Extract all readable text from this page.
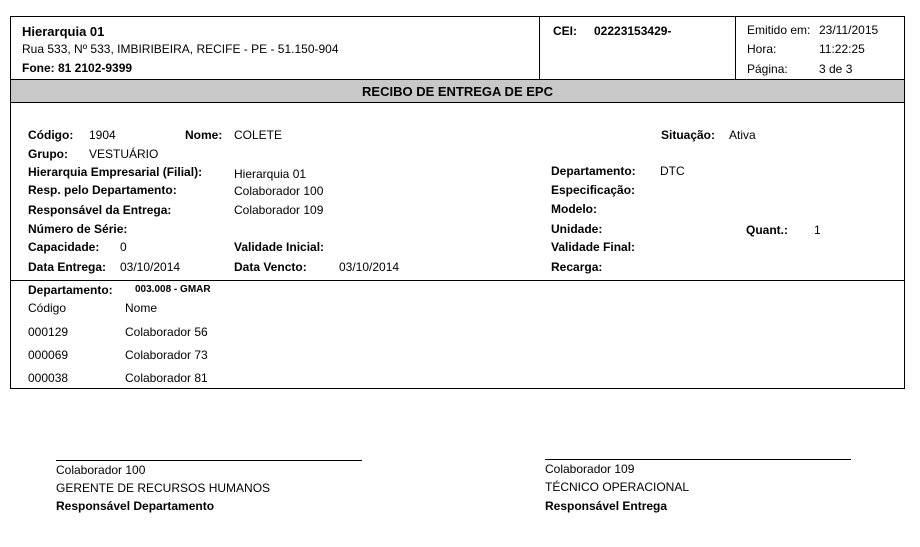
Hierarquia 01
Rua 533, Nº 533, IMBIRIBEIRA, RECIFE - PE - 51.150-904
Fone: 81 2102-9399
CEI: 02223153429-	Emitido em: 23/11/2015
Hora:	11:22:25
Página:	3 de 3
RECIBO DE ENTREGA DE EPC
Código: 1904	Nome: COLETE	Situação: Ativa
Grupo: VESTUÁRIO
Hierarquia Empresarial (Filial):	Hierarquia 01	Departamento: DTC
Resp. pelo Departamento:	Colaborador 100	Especificação:
Responsável da Entrega:	Colaborador 109	Modelo:
Número de Série:	Unidade:	Quant.: 1
Capacidade: 0	Validade Inicial:	Validade Final:
Data Entrega: 03/10/2014	Data Vencto:	03/10/2014	Recarga:
Departamento: 003.008 - GMAR
Código	Nome
000129	Colaborador 56
000069	Colaborador 73
000038	Colaborador 81
Colaborador 100
GERENTE DE RECURSOS HUMANOS
Responsável Departamento
Colaborador 109
TÉCNICO OPERACIONAL
Responsável Entrega
